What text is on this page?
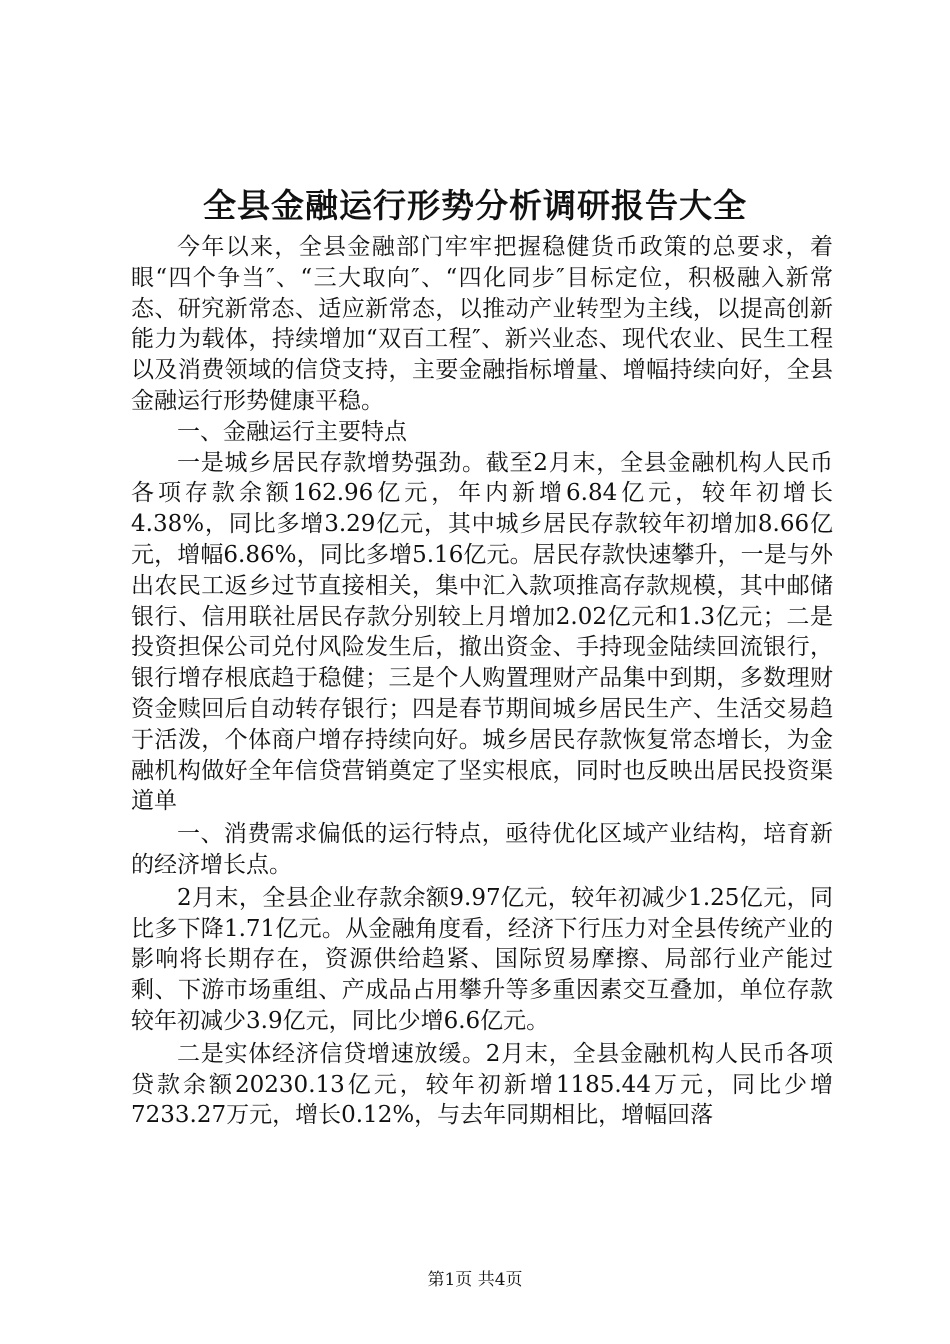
全县金融运行形势分析调研报告大全

今年以来，全县金融部门牢牢把握稳健货币政策的总要求，着眼“四个争当″、“三大取向″、“四化同步″目标定位，积极融入新常态、研究新常态、适应新常态，以推动产业转型为主线，以提高创新能力为载体，持续增加“双百工程″、新兴业态、现代农业、民生工程以及消费领域的信贷支持，主要金融指标增量、增幅持续向好，全县金融运行形势健康平稳。

一、金融运行主要特点

一是城乡居民存款增势强劲。截至2月末，全县金融机构人民币各项存款余额162.96亿元，年内新增6.84亿元，较年初增长4.38%，同比多增3.29亿元，其中城乡居民存款较年初增加8.66亿元，增幅6.86%，同比多增5.16亿元。居民存款快速攀升，一是与外出农民工返乡过节直接相关，集中汇入款项推高存款规模，其中邮储银行、信用联社居民存款分别较上月增加2.02亿元和1.3亿元；二是投资担保公司兑付风险发生后，撤出资金、手持现金陆续回流银行，银行增存根底趋于稳健；三是个人购置理财产品集中到期，多数理财资金赎回后自动转存银行；四是春节期间城乡居民生产、生活交易趋于活泼，个体商户增存持续向好。城乡居民存款恢复常态增长，为金融机构做好全年信贷营销奠定了坚实根底，同时也反映出居民投资渠道单

一、消费需求偏低的运行特点，亟待优化区域产业结构，培育新的经济增长点。

2月末，全县企业存款余额9.97亿元，较年初减少1.25亿元，同比多下降1.71亿元。从金融角度看，经济下行压力对全县传统产业的影响将长期存在，资源供给趋紧、国际贸易摩擦、局部行业产能过剩、下游市场重组、产成品占用攀升等多重因素交互叠加，单位存款较年初减少3.9亿元，同比少增6.6亿元。

二是实体经济信贷增速放缓。2月末，全县金融机构人民币各项贷款余额20230.13亿元，较年初新增1185.44万元，同比少增7233.27万元，增长0.12%，与去年同期相比，增幅回落

第1页 共4页
